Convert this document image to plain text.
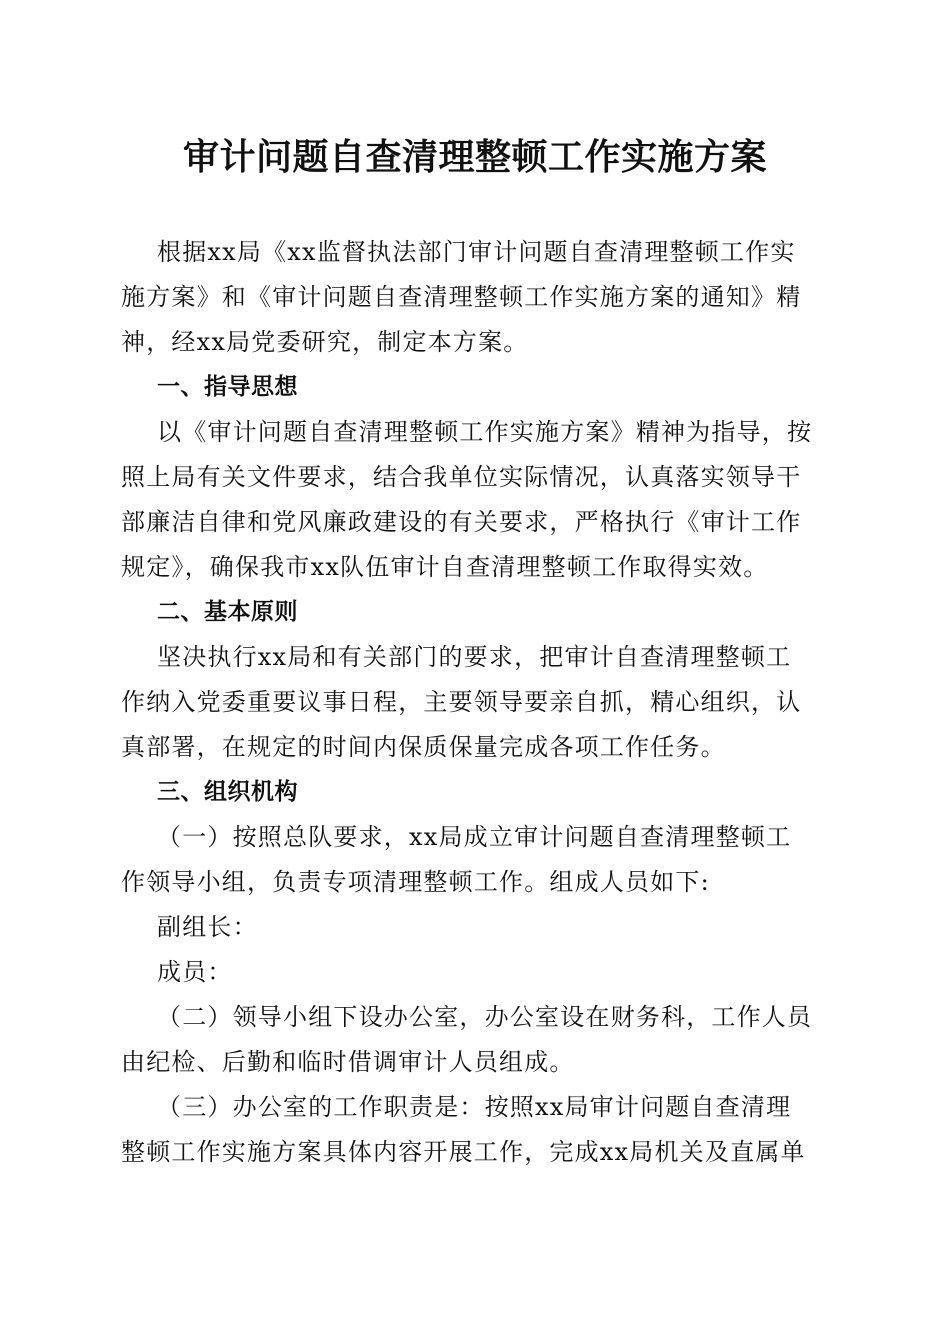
审计问题自查清理整顿工作实施方案
根据xx局《xx监督执法部门审计问题自查清理整顿工作实
施方案》和《审计问题自查清理整顿工作实施方案的通知》精
神，经xx局党委研究，制定本方案。
一、指导思想
以《审计问题自查清理整顿工作实施方案》精神为指导，按
照上局有关文件要求，结合我单位实际情况，认真落实领导干
部廉洁自律和党风廉政建设的有关要求，严格执行《审计工作
规定》，确保我市xx队伍审计自查清理整顿工作取得实效。
二、基本原则
坚决执行xx局和有关部门的要求，把审计自查清理整顿工
作纳入党委重要议事日程，主要领导要亲自抓，精心组织，认
真部署，在规定的时间内保质保量完成各项工作任务。
三、组织机构
（一）按照总队要求，xx局成立审计问题自查清理整顿工
作领导小组，负责专项清理整顿工作。组成人员如下:
副组长：
成员：
（二）领导小组下设办公室，办公室设在财务科，工作人员
由纪检、后勤和临时借调审计人员组成。
（三）办公室的工作职责是：按照xx局审计问题自查清理
整顿工作实施方案具体内容开展工作，完成xx局机关及直属单
